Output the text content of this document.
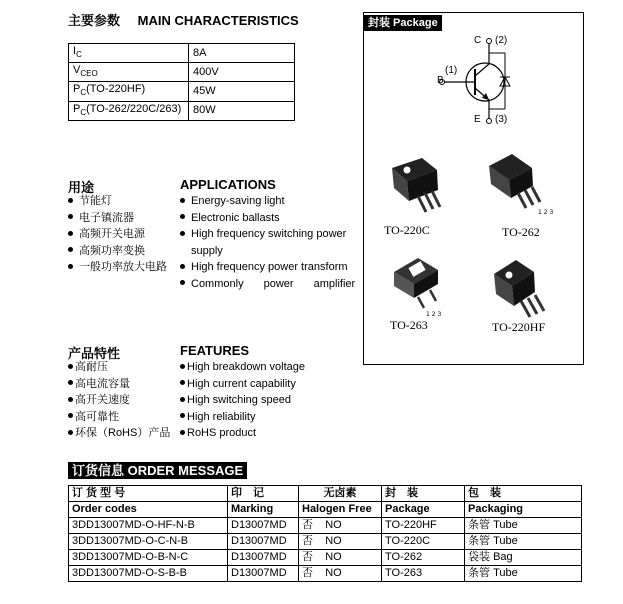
主要参数 MAIN CHARACTERISTICS
$I_C$	8A
$V_{CEO}$	400V
$P_C(TO-220HF)$	45W
$P_C(TO-262/220C/263)$	80W
封装 Package
C (2)
(1)
B
E (3)
TO-220C
1 2 3
TO-262
1 2 3
TO-263	TO-220HF
用途	APPLICATIONS
节能灯
电子镇流器
高频开关电源
高频功率变换
一般功率放大电路
Energy-saving light
Electronic ballasts
High frequency switching power
supply
High frequency power transform
Commonly power amplifier
产品特性	FEATURES
高耐压
高电流容量
高开关速度
高可靠性
环保（RoHS）产品
High breakdown voltage
High current capability
High switching speed
High reliability
RoHS product
订货信息 ORDER MESSAGE
订 货 型 号	印　记	无卤素	封　装	包　装
Order codes	Marking	Halogen Free	Package	Packaging
3DD13007MD-O-HF-N-B	D13007MD	否 NO	TO-220HF	条管 Tube
3DD13007MD-O-C-N-B	D13007MD	否 NO	TO-220C	条管 Tube
3DD13007MD-O-B-N-C	D13007MD	否 NO	TO-262	袋装 Bag
3DD13007MD-O-S-B-B	D13007MD	否 NO	TO-263	条管 Tube
